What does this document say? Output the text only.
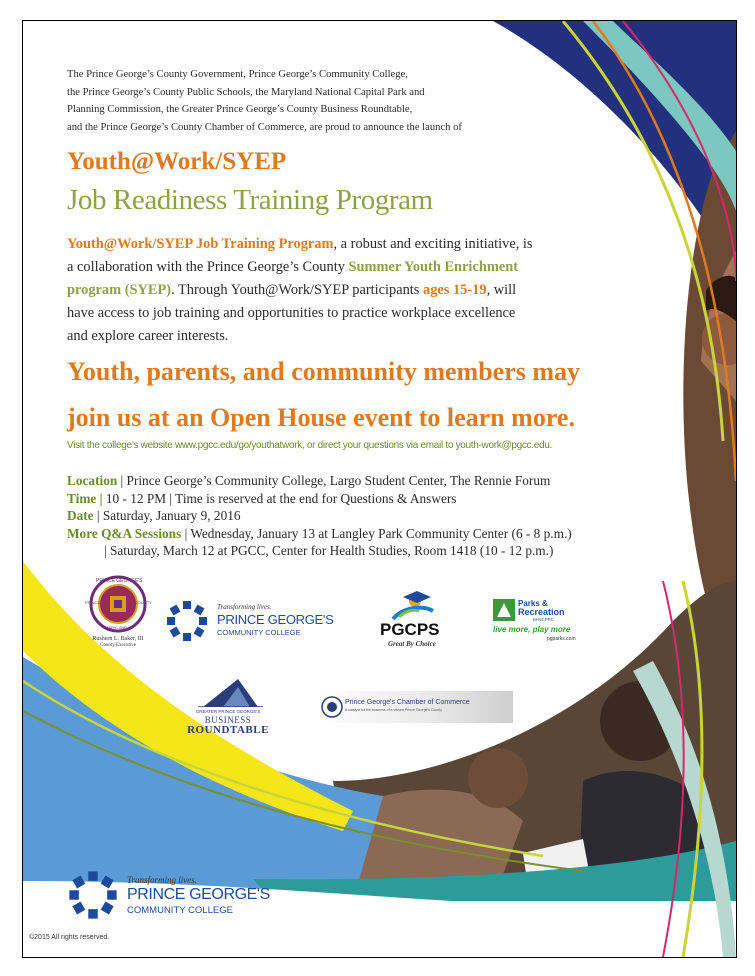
The Prince George’s County Government, Prince George’s Community College,
the Prince George’s County Public Schools, the Maryland National Capital Park and
Planning Commission, the Greater Prince George’s County Business Roundtable,
and the Prince George’s County Chamber of Commerce, are proud to announce the launch of
Youth@Work/SYEP
Job Readiness Training Program
Youth@Work/SYEP Job Training Program, a robust and exciting initiative, is
a collaboration with the Prince George’s County Summer Youth Enrichment
program (SYEP). Through Youth@Work/SYEP participants ages 15-19, will
have access to job training and opportunities to practice workplace excellence
and explore career interests.
Youth, parents, and community members may
join us at an Open House event to learn more.
Visit the college’s website www.pgcc.edu/go/youthatwork, or direct your questions via email to youth-work@pgcc.edu.
Location | Prince George’s Community College, Largo Student Center, The Rennie Forum
Time | 10 - 12 PM | Time is reserved at the end for Questions & Answers
Date | Saturday, January 9, 2016
More Q&A Sessions | Wednesday, January 13 at Langley Park Community Center (6 - 8 p.m.)
| Saturday, March 12 at PGCC, Center for Health Studies, Room 1418 (10 - 12 p.m.)
PRINCE GEORGE'S
PRINCE	COUNTY
MARYLAND
Rushern L. Baker, III
County Executive
Transforming lives.
PRINCE GEORGE'S
COMMUNITY COLLEGE	PGCPS
Great By Choice
Parks &
Recreation
M-NCPPC
live more, play more
pgparks.com
GREATER PRINCE GEORGE'S
BUSINESS
ROUNDTABLE
Prince George's Chamber of Commerce
A catalyst for the business of a vibrant Prince George's County
Transforming lives.
PRINCE GEORGE'S
COMMUNITY COLLEGE
©2015 All rights reserved.
